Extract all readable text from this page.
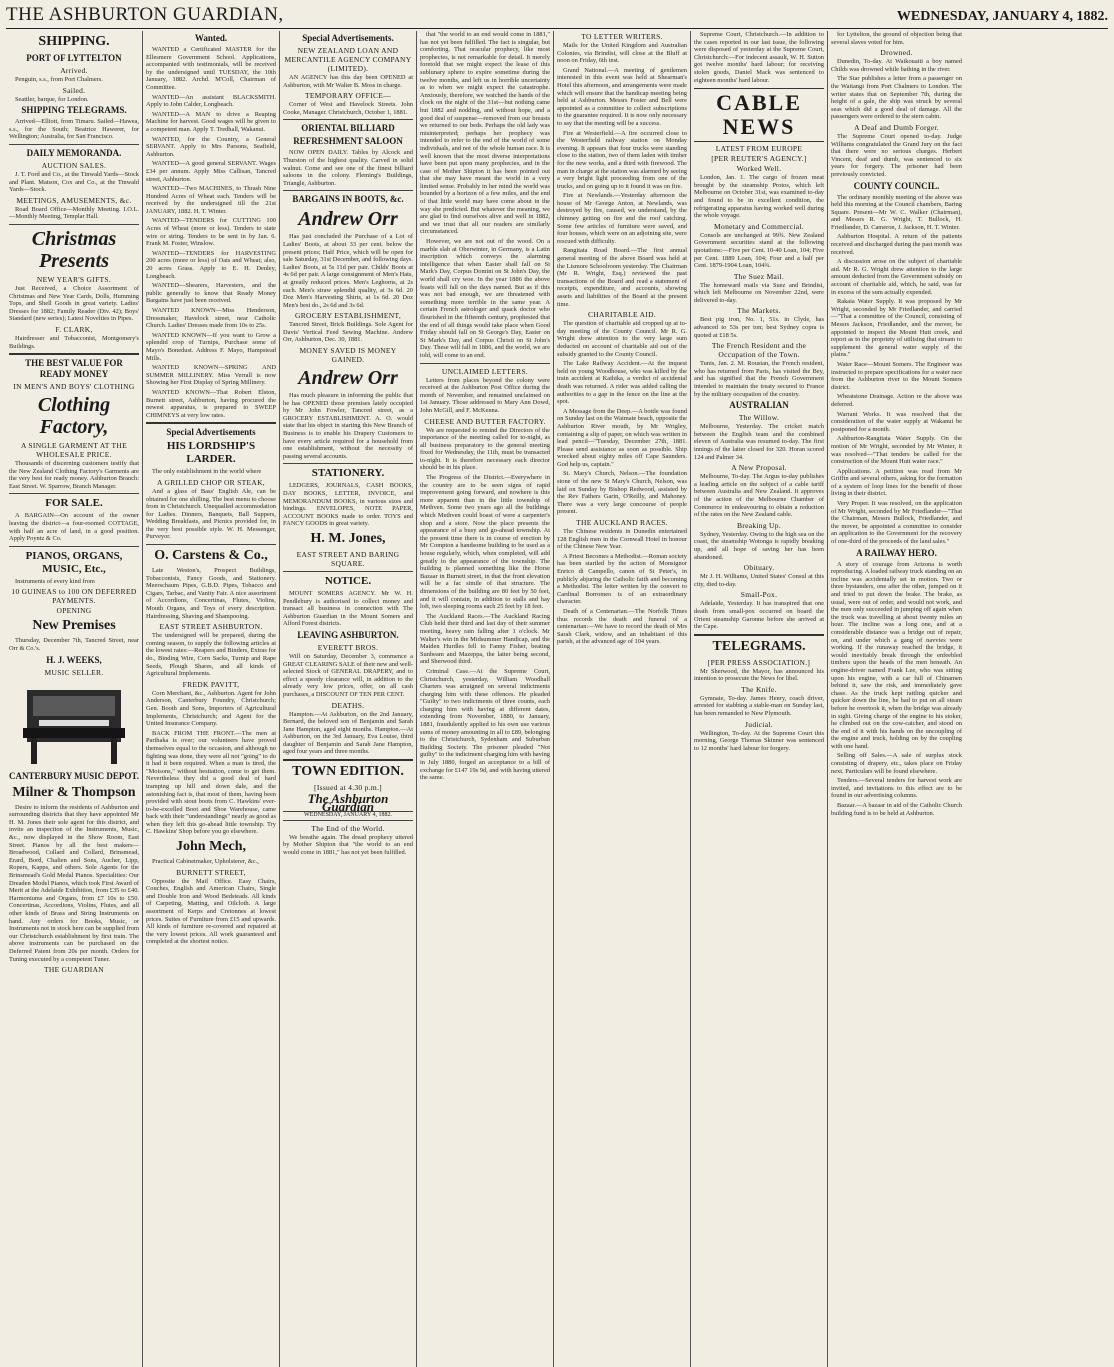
THE ASHBURTON GUARDIAN,	WEDNESDAY, JANUARY 4, 1882.
SHIPPING.
PORT OF LYTTELTON
Arrived.

Penguin, s.s., from Port Chalmers.

Sailed.

Seattler, barque, for London.

SHIPPING TELEGRAMS.

Arrived—Elliott, from Timaru. Sailed—Hawea, s.s., for the South; Beatrice Hawerer, for Wellington; Australia, for San Francisco.

DAILY MEMORANDA.
AUCTION SALES.

J. T. Ford and Co., at the Tinwald Yards—Stock and Plant. Matson, Cox and Co., at the Tinwald Yards—Stock.

MEETINGS, AMUSEMENTS, &c.

Road Board Office—Monthly Meeting. I.O.L.—Monthly Meeting, Templar Hall.

Christmas Presents
NEW YEAR'S GIFTS.

Just Received, a Choice Assortment of Christmas and New Year Cards, Dolls, Humming Tops, and Shell Goods in great variety. Ladies' Dresses for 1882; Family Reader (Div. 42); Boys' Standard (new series); Latest Novelties in Pipes.

F. CLARK,

Hairdresser and Tobacconist, Montgomery's Buildings.

THE BEST VALUE FOR READY MONEY
IN MEN'S AND BOYS' CLOTHING
Clothing Factory,
A SINGLE GARMENT AT THE WHOLESALE PRICE.

Thousands of discerning customers testify that the New Zealand Clothing Factory's Garments are the very best for ready money. Ashburton Branch: East Street. W. Sparrow, Branch Manager.

FOR SALE.

A BARGAIN—On account of the owner leaving the district—a four-roomed COTTAGE, with half an acre of land, in a good position. Apply Poyntz & Co.

PIANOS, ORGANS, MUSIC, Etc.,

Instruments of every kind from

10 GUINEAS to 100 ON DEFERRED PAYMENTS.
OPENING
New Premises

Thursday, December 7th, Tancred Street, near Orr & Co.'s.

H. J. WEEKS,
MUSIC SELLER.
CANTERBURY MUSIC DEPOT.
Milner & Thompson

Desire to inform the residents of Ashburton and surrounding districts that they have appointed Mr H. M. Jones their sole agent for this district, and invite an inspection of the Instruments, Music, &c., now displayed in the Show Room, East Street. Pianos by all the best makers—Broadwood, Collard and Collard, Brinsmead, Erard, Bord, Chalien and Sons, Aucher, Lipp, Ropers, Kapps, and others. Sole Agents for the Brinsmead's Gold Medal Pianos. Specialities: Our Dreaden Model Pianos, which took First Award of Merit at the Adelaide Exhibition, from £35 to £40. Harmoniums and Organs, from £7 10s to £50. Concertinas, Accordions, Violins, Flutes, and all other kinds of Brass and String Instruments on hand. Any orders for Books, Music, or Instruments not in stock here can be supplied from our Christchurch establishment by first train. The above instruments can be purchased on the Deferred Patent from 20s per month. Orders for Tuning executed by a competent Tuner.

THE GUARDIAN
Wanted.

WANTED a Certificated MASTER for the Ellesmere Government School. Applications, accompanied with testimonials, will be received by the undersigned until TUESDAY, the 10th January, 1882. Archd. M'Coll, Chairman of Committee.

WANTED—An assistant BLACKSMITH. Apply to John Calder, Longbeach.

WANTED—A MAN to drive a Reaping Machine for harvest. Good wages will be given to a competent man. Apply T. Tredhall, Wakanui.

WANTED, for the Country, a General SERVANT. Apply to Mrs Parsons, Seafield, Ashburton.

WANTED—A good general SERVANT. Wages £34 per annum. Apply Miss Callisan, Tancred street, Ashburton.

WANTED—Two MACHINES, to Thrash Nine Hundred Acres of Wheat each. Tenders will be received by the undersigned till the 21st JANUARY, 1882. H. T. Winter.

WANTED—TENDERS for CUTTING 100 Acres of Wheat (more or less). Tenders to state wire or string. Tenders to be sent in by Jan. 6. Frank M. Foster, Winslow.

WANTED—TENDERS for HARVESTING 200 acres (more or less) of Oats and Wheat; also, 20 acres Grass. Apply to E. H. Denley, Longbeach.

WANTED—Shearers, Harvesters, and the public generally to know that Ready Money Bargains have just been received.

WANTED KNOWN—Miss Henderson, Dressmaker, Havelock street, near Catholic Church. Ladies' Dresses made from 10s to 25s.

WANTED KNOWN—If you want to Grow a splendid crop of Turnips, Purchase some of Mayo's Bonedust. Address F. Mayo, Hampstead Mills.

WANTED KNOWN—SPRING AND SUMMER MILLINERY. Miss Verrall is now Showing her First Display of Spring Millinery.

WANTED KNOWN—That Robert Elston, Burnett street, Ashburton, having procured the newest apparatus, is prepared to SWEEP CHIMNEYS at very low rates.

Special Advertisements
HIS LORDSHIP'S LARDER.

The only establishment in the world where

A GRILLED CHOP OR STEAK,

And a glass of Bass' English Ale, can be obtained for one shilling. The best menu to choose from in Christchurch. Unequalled accommodation for Ladies. Dinners, Banquets, Ball Suppers, Wedding Breakfasts, and Picnics provided for, in the very best possible style. W. H. Messenger, Purveyor.

O. Carstens & Co.,

Late Weston's, Prospect Buildings, Tobacconists, Fancy Goods, and Stationery. Meerschaum Pipes, G.B.D. Pipes, Tobacco and Cigars, Tarbac, and Vanity Fair. A nice assortment of Accordions, Concertinas, Flutes, Violins, Mouth Organs, and Toys of every description. Hairdressing, Shaving and Shampooing.

EAST STREET ASHBURTON.

The undersigned will be prepared, during the coming season, to supply the following articles at the lowest rates:—Reapers and Binders, Extras for do., Binding Wire, Corn Sacks, Turnip and Rape Seeds, Plough Shares, and all kinds of Agricultural Implements.

FREDK PAVITT,

Corn Merchant, &c., Ashburton. Agent for John Anderson, Canterbury Foundry, Christchurch; Gen. Booth and Sons, Importers of Agricultural Implements, Christchurch; and Agent for the United Insurance Company.

BACK FROM THE FRONT.—The men at Parihaka is over; our volunteers have proved themselves equal to the occasion, and although no fighting was done, they were all not "going" to do it had it been required. When a man is tired, the "Moisons," without hesitation, come to get them. Nevertheless they did a good deal of hard tramping up hill and down dale, and the astonishing fact is, that most of them, having been provided with stout boots from C. Hawkins' ever-to-be-excelled Boot and Shoe Warehouse, came back with their "understandings" nearly as good as when they left this go-ahead little township. Try C. Hawkins' Shop before you go elsewhere.

John Mech,

Practical Cabinetmaker, Upholsterer, &c.,

BURNETT STREET,

Opposite the Mail Office. Easy Chairs, Couches, English and American Chairs, Single and Double Iron and Wood Bedsteads. All kinds of Carpeting, Matting, and Oilcloth. A large assortment of Kerps and Cretonnes at lowest prices. Suites of Furniture from £15 and upwards. All kinds of furniture re-covered and repaired at the very lowest prices. All work guaranteed and completed at the shortest notice.

Special Advertisements.
NEW ZEALAND LOAN AND MERCANTILE AGENCY COMPANY (LIMITED).

AN AGENCY has this day been OPENED at Ashburton, with Mr Walter B. Moss in charge.

TEMPORARY OFFICE—

Corner of West and Havelock Streets. John Cooke, Manager. Christchurch, October 1, 1881.

ORIENTAL BILLIARD
REFRESHMENT SALOON

NOW OPEN DAILY. Tables by Alcock and Thurston of the highest quality. Carved in solid walnut. Come and see one of the finest billiard saloons in the colony. Fleming's Buildings, Triangle, Ashburton.

BARGAINS IN BOOTS, &c.
Andrew Orr

Has just concluded the Purchase of a Lot of Ladies' Boots, at about 33 per cent. below the present prices; Half Price, which will be open for sale Saturday, 31st December, and following days. Ladies' Boots, at 5s 11d per pair. Childs' Boots at 4s 6d per pair. A large consignment of Men's Hats, at greatly reduced prices. Men's Leghorns, at 2s each. Men's straw splendid quality, at 3s 6d. 20 Doz Men's Harvesting Shirts, at 1s 6d. 20 Doz Men's best do., 2s 6d and 3s 6d.

GROCERY ESTABLISHMENT,

Tancred Street, Brick Buildings. Sole Agent for Davis' Vertical Feed Sewing Machine. Andrew Orr, Ashburton, Dec. 30, 1881.

MONEY SAVED IS MONEY GAINED.
Andrew Orr

Has much pleasure in informing the public that he has OPENED those premises lately occupied by Mr John Fowler, Tancred street, as a GROCERY ESTABLISHMENT. A. O. would state that his object in starting this New Branch of Business is to enable his Drapery Customers to have every article required for a household from one establishment, without the necessity of passing several accounts.

STATIONERY.

LEDGERS, JOURNALS, CASH BOOKS, DAY BOOKS, LETTER, INVOICE, and MEMORANDUM BOOKS, in various sizes and bindings. ENVELOPES, NOTE PAPER, ACCOUNT BOOKS made to order. TOYS and FANCY GOODS in great variety.

H. M. Jones,
EAST STREET AND BARING SQUARE.
NOTICE.

MOUNT SOMERS AGENCY. Mr W. H. Pendlebury is authorised to collect money and transact all business in connection with The Ashburton Guardian in the Mount Somers and Alford Forest districts.

LEAVING ASHBURTON.
EVERETT BROS.

Will on Saturday, December 3, commence a GREAT CLEARING SALE of their new and well-selected Stock of GENERAL DRAPERY, and to effect a speedy clearance will, in addition to the already very low prices, offer, on all cash purchases, a DISCOUNT OF TEN PER CENT.

DEATHS.

Hampton.—At Ashburton, on the 2nd January, Bernard, the beloved son of Benjamin and Sarah Jane Hampton, aged eight months. Hampton.—At Ashburton, on the 3rd January, Eva Louise, third daughter of Benjamin and Sarah Jane Hampton, aged four years and three months.

TOWN EDITION.
[Issued at 4.30 p.m.]
The Ashburton Guardian
WEDNESDAY, JANUARY 4, 1882.
The End of the World.

We breathe again. The dread prophecy uttered by Mother Shipton that "the world to an end would come in 1881," has not yet been fulfilled.

that "the world to an end would come in 1881," has not yet been fulfilled. The fact is singular, but comforting. That oracular prophecy, like most prophecies, is not remarkable for detail. It merely foretold that we might expect the lease of this sublunary sphere to expire sometime during the twelve months, and left us in horrible uncertainty as to when we might expect the catastrophe. Anxiously, therefore, we watched the hands of the clock on the night of the 31st—but nothing came but 1882 and nodding, and without hope, and a good deal of suspense—removed from our breasts we returned to our beds. Perhaps the old lady was misinterpreted; perhaps her prophecy was intended to refer to the end of the world of some individuals, and not of the whole human race. It is well known that the most diverse interpretations have been put upon many prophecies, and in the case of Mother Shipton it has been pointed out that she may have meant the world in a very limited sense. Probably in her mind the world was bounded by a horizon of a few miles, and the end of that little world may have come about in the way she predicted. But whatever the meaning, we are glad to find ourselves alive and well in 1882, and we trust that all our readers are similarly circumstanced.

However, we are not out of the wood. On a marble slab at Oberwinter, in Germany, is a Latin inscription which conveys the alarming intelligence that when Easter shall fall on St Mark's Day, Corpus Domini on St John's Day, the world shall cry woe. In the year 1886 the above feasts will fall on the days named. But as if this was not bad enough, we are threatened with something more terrible in the same year. A certain French astrologer and quack doctor who flourished in the fifteenth century, prophesied that the end of all things would take place when Good Friday should fall on St George's Day, Easter on St Mark's Day, and Corpus Christi on St John's Day. These will fall in 1886, and the world, we are told, will come to an end.

UNCLAIMED LETTERS.

Letters from places beyond the colony were received at the Ashburton Post Office during the month of November, and remained unclaimed on 1st January. Those addressed to Mary Ann Dowd, John McGill, and F. McKenna.

CHEESE AND BUTTER FACTORY.

We are requested to remind the Directors of the importance of the meeting called for to-night, as all business preparatory to the general meeting fixed for Wednesday, the 11th, must be transacted to-night. It is therefore necessary each director should be in his place.

The Progress of the District.—Everywhere in the country are to be seen signs of rapid improvement going forward, and nowhere is this more apparent than in the little township of Methven. Some two years ago all the buildings which Methven could boast of were a carpenter's shop and a store. Now the place presents the appearance of a busy and go-ahead township. At the present time there is in course of erection by Mr Compton a handsome building to be used as a house regularly, which, when completed, will add greatly to the appearance of the township. The building is planned something like the Horse Bazaar in Burnett street, in that the front elevation will be a fac simile of that structure. The dimensions of the building are 80 feet by 50 feet, and it will contain, in addition to stalls and hay loft, two sleeping rooms each 25 feet by 18 feet.

The Auckland Races.—The Auckland Racing Club held their third and last day of their summer meeting, heavy rain falling after 1 o'clock. Mr Walter's win in the Midsummer Handicap, and the Maiden Hurdles fell to Fanny Fisher, beating Sunbeam and Mazeppa, the latter being second, and Sherwood third.

Criminal Case.—At the Supreme Court, Christchurch, yesterday, William Woodhall Charters was arraigned on several indictments charging him with these offences. He pleaded "Guilty" to two indictments of three counts, each charging him with having at different dates, extending from November, 1880, to January, 1881, fraudulently applied to his own use various sums of money amounting in all to £89, belonging to the Christchurch, Sydenham and Suburban Building Society. The prisoner pleaded "Not guilty" to the indictment charging him with having in July 1880, forged an acceptance to a bill of exchange for £147 19s 9d, and with having uttered the same.

TO LETTER WRITERS.

Mails for the United Kingdom and Australian Colonies, via Brindisi, will close at the Bluff at noon on Friday, 6th inst.

Grand National.—A meeting of gentlemen interested in this event was held at Shearman's Hotel this afternoon, and arrangements were made which will ensure that the handicap meeting being held at Ashburton. Messrs Foster and Bell were appointed as a committee to collect subscriptions to the guarantee required. It is now only necessary to say that the meeting will be a success.

Fire at Westerfield.—A fire occurred close to the Westerfield railway station on Monday evening. It appears that four trucks were standing close to the station, two of them laden with timber for the new works, and a third with firewood. The man in charge at the station was alarmed by seeing a very bright light proceeding from one of the trucks, and on going up to it found it was on fire.

Fire at Newlands.—Yesterday afternoon the house of Mr George Anton, at Newlands, was destroyed by fire, caused, we understand, by the chimney getting on fire and the roof catching. Some few articles of furniture were saved, and four houses, which were on an adjoining site, were rescued with difficulty.

Rangitata Road Board.—The first annual general meeting of the above Board was held at the Lismore Schoolroom yesterday. The Chairman (Mr R. Wright, Esq.) reviewed the past transactions of the Board and read a statement of receipts, expenditure, and accounts, showing assets and liabilities of the Board at the present time.

CHARITABLE AID.

The question of charitable aid cropped up at to-day meeting of the County Council. Mr R. G. Wright drew attention to the very large sum deducted on account of charitable aid out of the subsidy granted to the County Council.

The Lake Railway Accident.—At the inquest held on young Woodhouse, who was killed by the train accident at Kaihika, a verdict of accidental death was returned. A rider was added calling the authorities to a gap in the fence on the line at the spot.

A Message from the Deep.—A bottle was found on Sunday last on the Waimate beach, opposite the Ashburton River mouth, by Mr Wrigley, containing a slip of paper, on which was written in lead pencil—"Tuesday, December 27th, 1881. Please send assistance as soon as possible. Ship wrecked about eighty miles off Cape Saunders. God help us, captain."

St. Mary's Church, Nelson.—The foundation stone of the new St Mary's Church, Nelson, was laid on Sunday by Bishop Redwood, assisted by the Rev Fathers Garin, O'Reilly, and Mahoney. There was a very large concourse of people present.

THE AUCKLAND RACES.

The Chinese residents in Dunedin entertained 128 English men in the Cornwall Hotel in honour of the Chinese New Year.

A Priest Becomes a Methodist.—Roman society has been startled by the action of Monsignor Enrico di Campello, canon of St Peter's, in publicly abjuring the Catholic faith and becoming a Methodist. The letter written by the convert to Cardinal Borromeo is of an extraordinary character.

Death of a Centenarian.—The Norfolk Times thus records the death and funeral of a centenarian:—We have to record the death of Mrs Sarah Clark, widow, and an inhabitant of this parish, at the advanced age of 104 years.

Supreme Court, Christchurch.—In addition to the cases reported in our last issue, the following were disposed of yesterday at the Supreme Court, Christchurch:—For indecent assault, W. H. Sutton got twelve months' hard labour; for receiving stolen goods, Daniel Mack was sentenced to eighteen months' hard labour.

CABLE NEWS
LATEST FROM EUROPE
[PER REUTER'S AGENCY.]
Worked Well.

London, Jan. 1. The cargo of frozen meat brought by the steamship Protos, which left Melbourne on October 31st, was examined to-day and found to be in excellent condition, the refrigerating apparatus having worked well during the whole voyage.

Monetary and Commercial.

Consols are unchanged at 99¾. New Zealand Government securities stand at the following quotations:—Five per Cent. 10-40 Loan, 104; Five per Cent. 1889 Loan, 104; Four and a half per Cent. 1879-1904 Loan, 104¾.

The Suez Mail.

The homeward mails via Suez and Brindisi, which left Melbourne on November 22nd, were delivered to-day.

The Markets.

Best pig iron, No. 1, 51s. in Clyde, has advanced to 53s per ton; best Sydney copra is quoted at £18 5s.

The French Resident and the Occupation of the Town.

Tunis, Jan. 2. M. Roustan, the French resident, who has returned from Paris, has visited the Bey, and has signified that the French Government intended to maintain the treaty secured to France by the military occupation of the country.

AUSTRALIAN
The Willow.

Melbourne, Yesterday. The cricket match between the English team and the combined eleven of Australia was resumed to-day. The first innings of the latter closed for 320. Horan scored 124 and Palmer 34.

A New Proposal.

Melbourne, To-day. The Argus to-day publishes a leading article on the subject of a cable tariff between Australia and New Zealand. It approves of the action of the Melbourne Chamber of Commerce in endeavouring to obtain a reduction of the rates on the New Zealand cable.

Breaking Up.

Sydney, Yesterday. Owing to the high sea on the coast, the steamship Wotonga is rapidly breaking up, and all hope of saving her has been abandoned.

Obituary.

Mr J. H. Williams, United States' Consul at this city, died to-day.

Small-Pox.

Adelaide, Yesterday. It has transpired that one death from small-pox occurred on board the Orient steamship Garonne before she arrived at the Cape.

TELEGRAMS.
[PER PRESS ASSOCIATION.]

Mr Sherwood, the Mayor, has announced his intention to prosecute the News for libel.

The Knife.

Gymnaie, To-day. James Henry, coach driver, arrested for stabbing a stable-man on Sunday last, has been remanded to New Plymouth.

Judicial.

Wellington, To-day. At the Supreme Court this morning, George Thomas Skinner was sentenced to 12 months' hard labour for forgery.

for Lyttelton, the ground of objection being that several slaves voted for him.

Drowned.

Dunedin, To-day. At Waikouaiti a boy named Childs was drowned while bathing in the river.

The Star publishes a letter from a passenger on the Waitangi from Port Chalmers to London. The writer states that on September 7th, during the height of a gale, the ship was struck by several seas which did a good deal of damage. All the passengers were ordered to the stern cabin.

A Deaf and Dumb Forger.

The Supreme Court opened to-day. Judge Williams congratulated the Grand Jury on the fact that there were no serious charges. Herbert Vincent, deaf and dumb, was sentenced to six years for forgery. The prisoner had been previously convicted.

COUNTY COUNCIL.

The ordinary monthly meeting of the above was held this morning at the Council chambers, Baring Square. Present—Mr W. C. Walker (Chairman), and Messrs R. G. Wright, T. Bullock, H. Friedlander, D. Cameron, J. Jackson, H. T. Winter.

Ashburton Hospital. A return of the patients received and discharged during the past month was received.

A discussion arose on the subject of charitable aid. Mr R. G. Wright drew attention to the large amount deducted from the Government subsidy on account of charitable aid, which, he said, was far in excess of the sum actually expended.

Rakaia Water Supply. It was proposed by Mr Wright, seconded by Mr Friedlander, and carried—"That a committee of the Council, consisting of Messrs Jackson, Friedlander, and the mover, be appointed to inspect the Mount Hutt creek, and report as to the propriety of utilising that stream to supplement the general water supply of the plains."

Water Race—Mount Somers. The Engineer was instructed to prepare specifications for a water race from the Ashburton river to the Mount Somers district.

Wheatstone Drainage. Action re the above was deferred.

Warrant Works. It was resolved that the consideration of the water supply at Wakanui be postponed for a month.

Ashburton-Rangitata Water Supply. On the motion of Mr Wright, seconded by Mr Winter, it was resolved—"That tenders be called for the construction of the Mount Hutt water race."

Applications. A petition was read from Mr Griffin and several others, asking for the formation of a system of loop lines for the benefit of those living in their district.

Very Proper. It was resolved, on the application of Mr Wright, seconded by Mr Friedlander—"That the Chairman, Messrs Bullock, Friedlander, and the mover, be appointed a committee to consider an application to the Government for the recovery of one-third of the proceeds of the land sales."

A RAILWAY HERO.

A story of courage from Arizona is worth reproducing. A loaded railway truck standing on an incline was accidentally set in motion. Two or three bystanders, one after the other, jumped on it and tried to put down the brake. The brake, as usual, were out of order, and would not work, and the men only succeeded in jumping off again when the truck was travelling at about twenty miles an hour. The incline was a long one, and at a considerable distance was a bridge out of repair, on, and under which a gang of navvies were working. If the runaway reached the bridge, it would inevitably break through the enfeebled timbers upon the heads of the men beneath. An engine-driver named Frank Lee, who was sitting upon his engine, with a car full of Chinamen behind it, saw the risk, and immediately gave chase. As the truck kept rattling quicker and quicker down the line, he had to put on all steam before he overtook it, when the bridge was already in sight. Giving charge of the engine to his stoker, he climbed out on the cow-catcher, and stood on the end of it with his hands on the uncoupling of the engine and truck, holding on by the coupling with one hand.

Selling off Sales.—A sale of surplus stock consisting of drapery, etc., takes place on Friday next. Particulars will be found elsewhere.

Tenders.—Several tenders for harvest work are invited, and invitations to this effect are to be found in our advertising columns.

Bazaar.—A bazaar in aid of the Catholic Church building fund is to be held at Ashburton.
